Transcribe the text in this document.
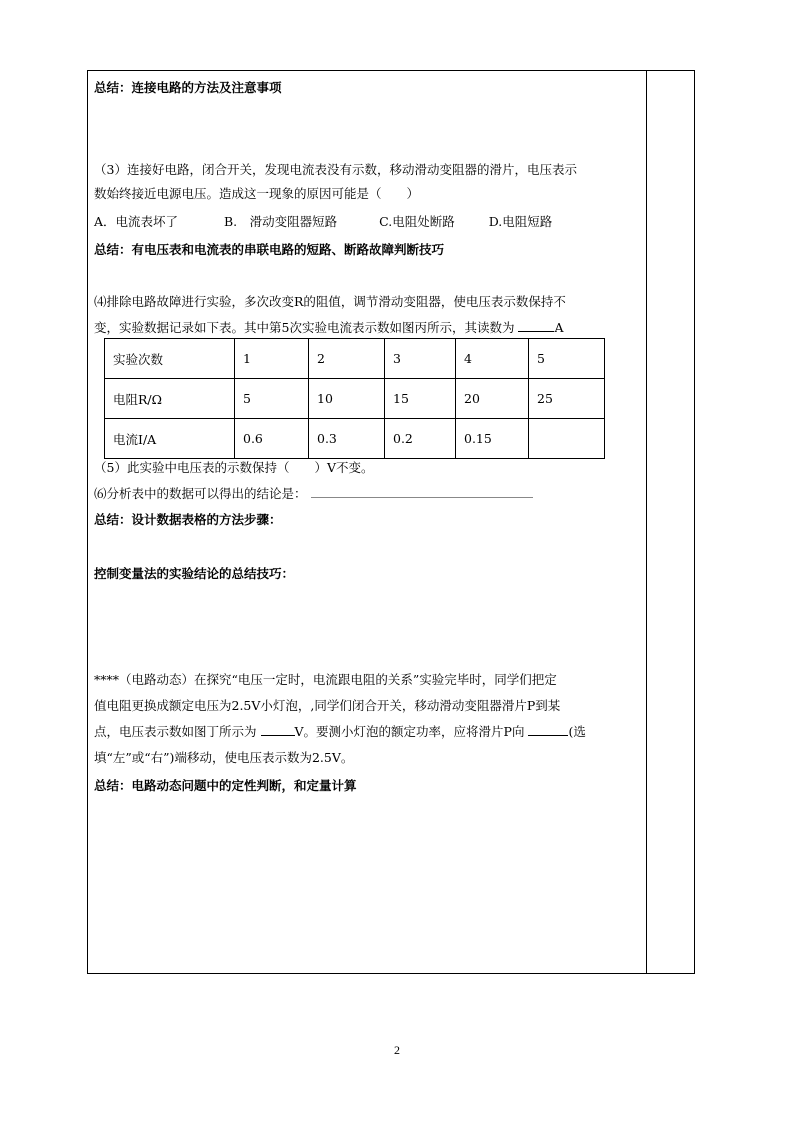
总结：连接电路的方法及注意事项
（3）连接好电路，闭合开关，发现电流表没有示数，移动滑动变阻器的滑片，电压表示
数始终接近电源电压。造成这一现象的原因可能是（　　）
A．电流表坏了	B.　滑动变阻器短路	C.电阻处断路	D.电阻短路
总结：有电压表和电流表的串联电路的短路、断路故障判断技巧
⑷排除电路故障进行实验，多次改变R的阻值，调节滑动变阻器，使电压表示数保持不
变，实验数据记录如下表。其中第5次实验电流表示数如图丙所示，其读数为	A
实验次数	1	2	3	4	5
电阻R/Ω	5	10	15	20	25
电流I/A	0.6	0.3	0.2	0.15	
（5）此实验中电压表的示数保持（　　）V不变。
⑹分析表中的数据可以得出的结论是：
总结：设计数据表格的方法步骤：
控制变量法的实验结论的总结技巧：
****（电路动态）在探究“电压一定时，电流跟电阻的关系”实验完毕时，同学们把定
值电阻更换成额定电压为2.5V小灯泡，,同学们闭合开关，移动滑动变阻器滑片P到某
点，电压表示数如图丁所示为	V。要测小灯泡的额定功率，应将滑片P向	(选
填“左”或“右”)端移动，使电压表示数为2.5V。
总结：电路动态问题中的定性判断，和定量计算
2
